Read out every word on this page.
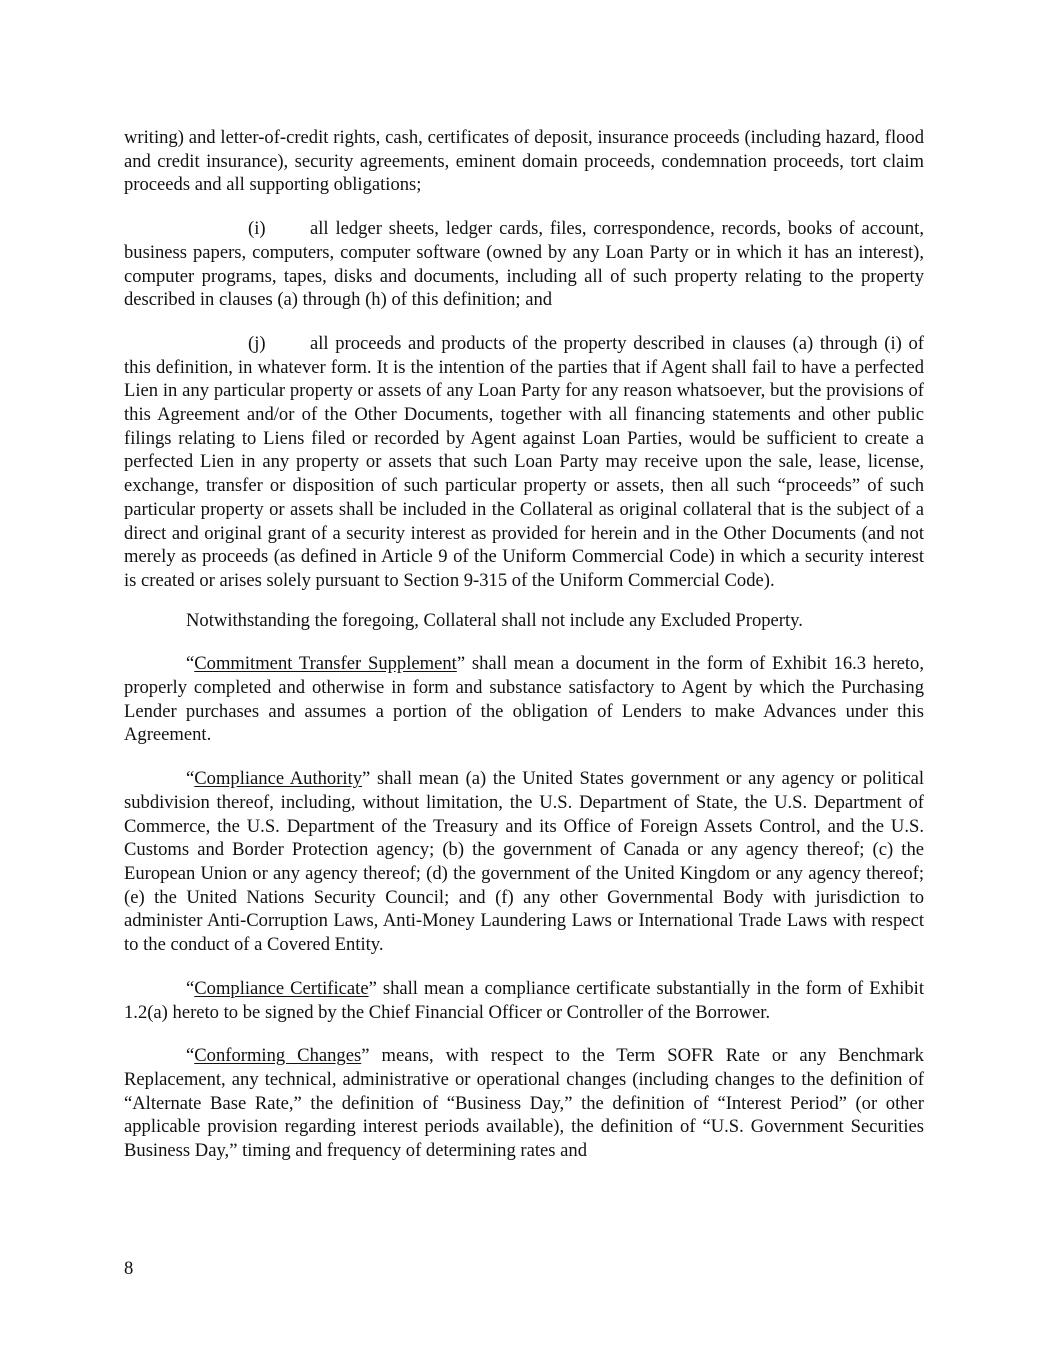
writing) and letter-of-credit rights, cash, certificates of deposit, insurance proceeds (including hazard, flood and credit insurance), security agreements, eminent domain proceeds, condemnation proceeds, tort claim proceeds and all supporting obligations;

(i) all ledger sheets, ledger cards, files, correspondence, records, books of account, business papers, computers, computer software (owned by any Loan Party or in which it has an interest), computer programs, tapes, disks and documents, including all of such property relating to the property described in clauses (a) through (h) of this definition; and

(j) all proceeds and products of the property described in clauses (a) through (i) of this definition, in whatever form. It is the intention of the parties that if Agent shall fail to have a perfected Lien in any particular property or assets of any Loan Party for any reason whatsoever, but the provisions of this Agreement and/or of the Other Documents, together with all financing statements and other public filings relating to Liens filed or recorded by Agent against Loan Parties, would be sufficient to create a perfected Lien in any property or assets that such Loan Party may receive upon the sale, lease, license, exchange, transfer or disposition of such particular property or assets, then all such “proceeds” of such particular property or assets shall be included in the Collateral as original collateral that is the subject of a direct and original grant of a security interest as provided for herein and in the Other Documents (and not merely as proceeds (as defined in Article 9 of the Uniform Commercial Code) in which a security interest is created or arises solely pursuant to Section 9-315 of the Uniform Commercial Code).

Notwithstanding the foregoing, Collateral shall not include any Excluded Property.

“Commitment Transfer Supplement” shall mean a document in the form of Exhibit 16.3 hereto, properly completed and otherwise in form and substance satisfactory to Agent by which the Purchasing Lender purchases and assumes a portion of the obligation of Lenders to make Advances under this Agreement.

“Compliance Authority” shall mean (a) the United States government or any agency or political subdivision thereof, including, without limitation, the U.S. Department of State, the U.S. Department of Commerce, the U.S. Department of the Treasury and its Office of Foreign Assets Control, and the U.S. Customs and Border Protection agency; (b) the government of Canada or any agency thereof; (c) the European Union or any agency thereof; (d) the government of the United Kingdom or any agency thereof; (e) the United Nations Security Council; and (f) any other Governmental Body with jurisdiction to administer Anti-Corruption Laws, Anti-Money Laundering Laws or International Trade Laws with respect to the conduct of a Covered Entity.

“Compliance Certificate” shall mean a compliance certificate substantially in the form of Exhibit 1.2(a) hereto to be signed by the Chief Financial Officer or Controller of the Borrower.

“Conforming Changes” means, with respect to the Term SOFR Rate or any Benchmark Replacement, any technical, administrative or operational changes (including changes to the definition of “Alternate Base Rate,” the definition of “Business Day,” the definition of “Interest Period” (or other applicable provision regarding interest periods available), the definition of “U.S. Government Securities Business Day,” timing and frequency of determining rates and

8
